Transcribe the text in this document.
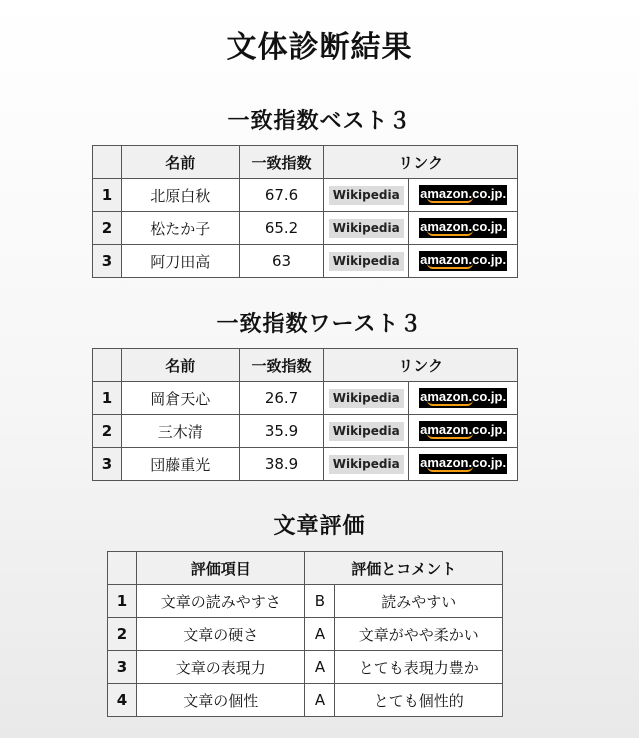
文体診断結果
一致指数ベスト３
	名前	一致指数	リンク	
1	北原白秋	67.6	Wikipedia	amazon.co.jp.

2	松たか子	65.2	Wikipedia	amazon.co.jp.

3	阿刀田高	63	Wikipedia	amazon.co.jp.
一致指数ワースト３
	名前	一致指数	リンク	
1	岡倉天心	26.7	Wikipedia	amazon.co.jp.

2	三木清	35.9	Wikipedia	amazon.co.jp.

3	団藤重光	38.9	Wikipedia	amazon.co.jp.
文章評価
	評価項目	評価とコメント	
1	文章の読みやすさ	B	読みやすい
2	文章の硬さ	A	文章がやや柔かい
3	文章の表現力	A	とても表現力豊か
4	文章の個性	A	とても個性的
